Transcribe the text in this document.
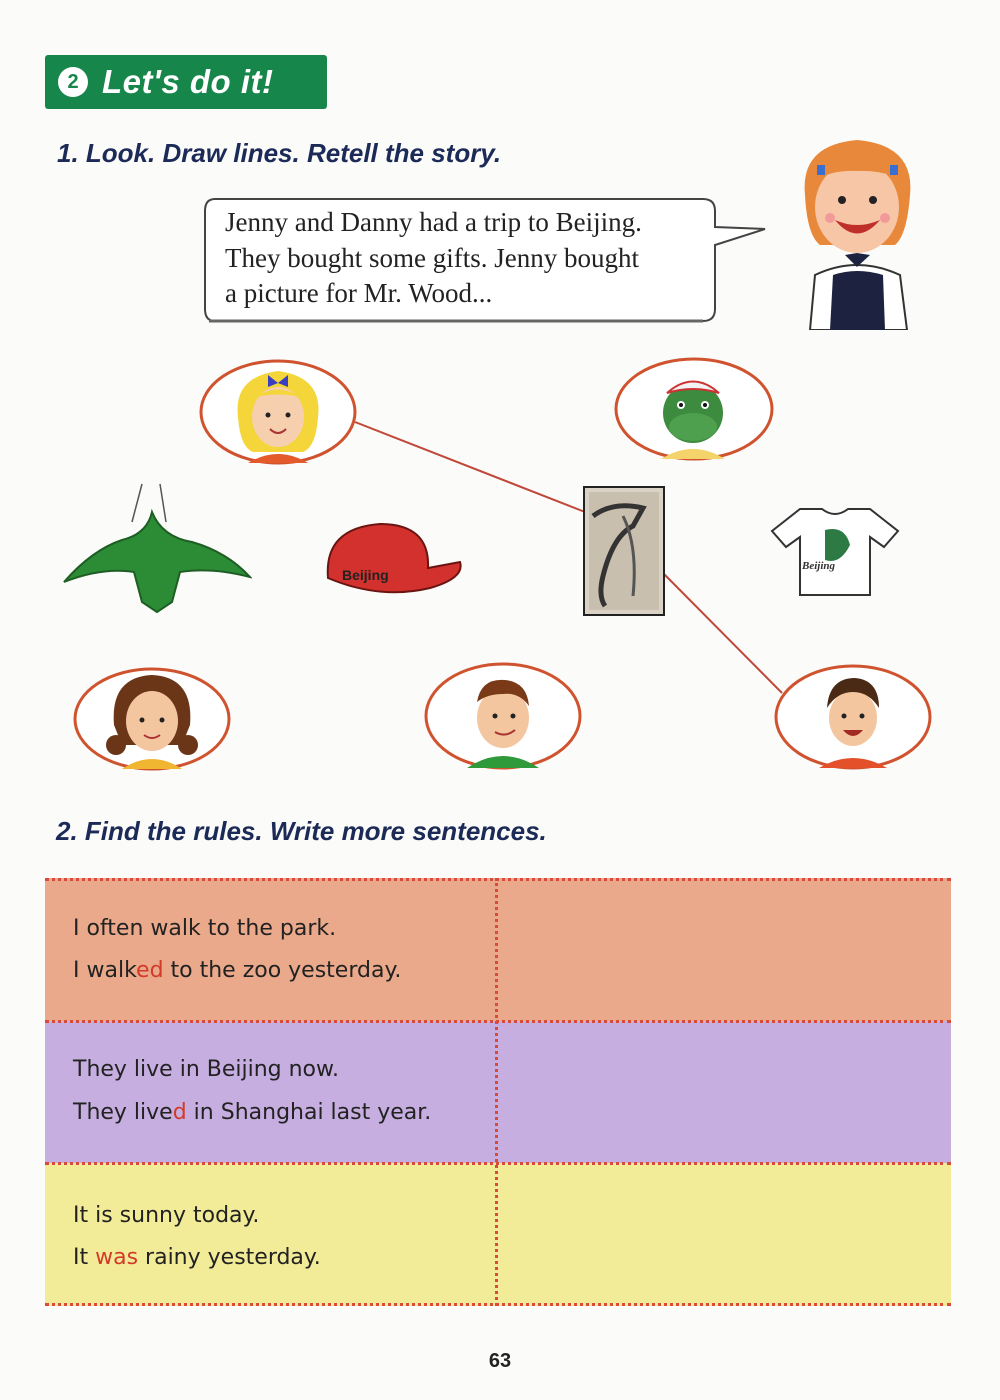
2 Let's do it!
1. Look. Draw lines. Retell the story.
Jenny and Danny had a trip to Beijing.
They bought some gifts. Jenny bought
a picture for Mr. Wood...
Beijing
Beijing
2. Find the rules. Write more sentences.
I often walk to the park.
I walked to the zoo yesterday.
They live in Beijing now.
They lived in Shanghai last year.
It is sunny today.
It was rainy yesterday.
63
